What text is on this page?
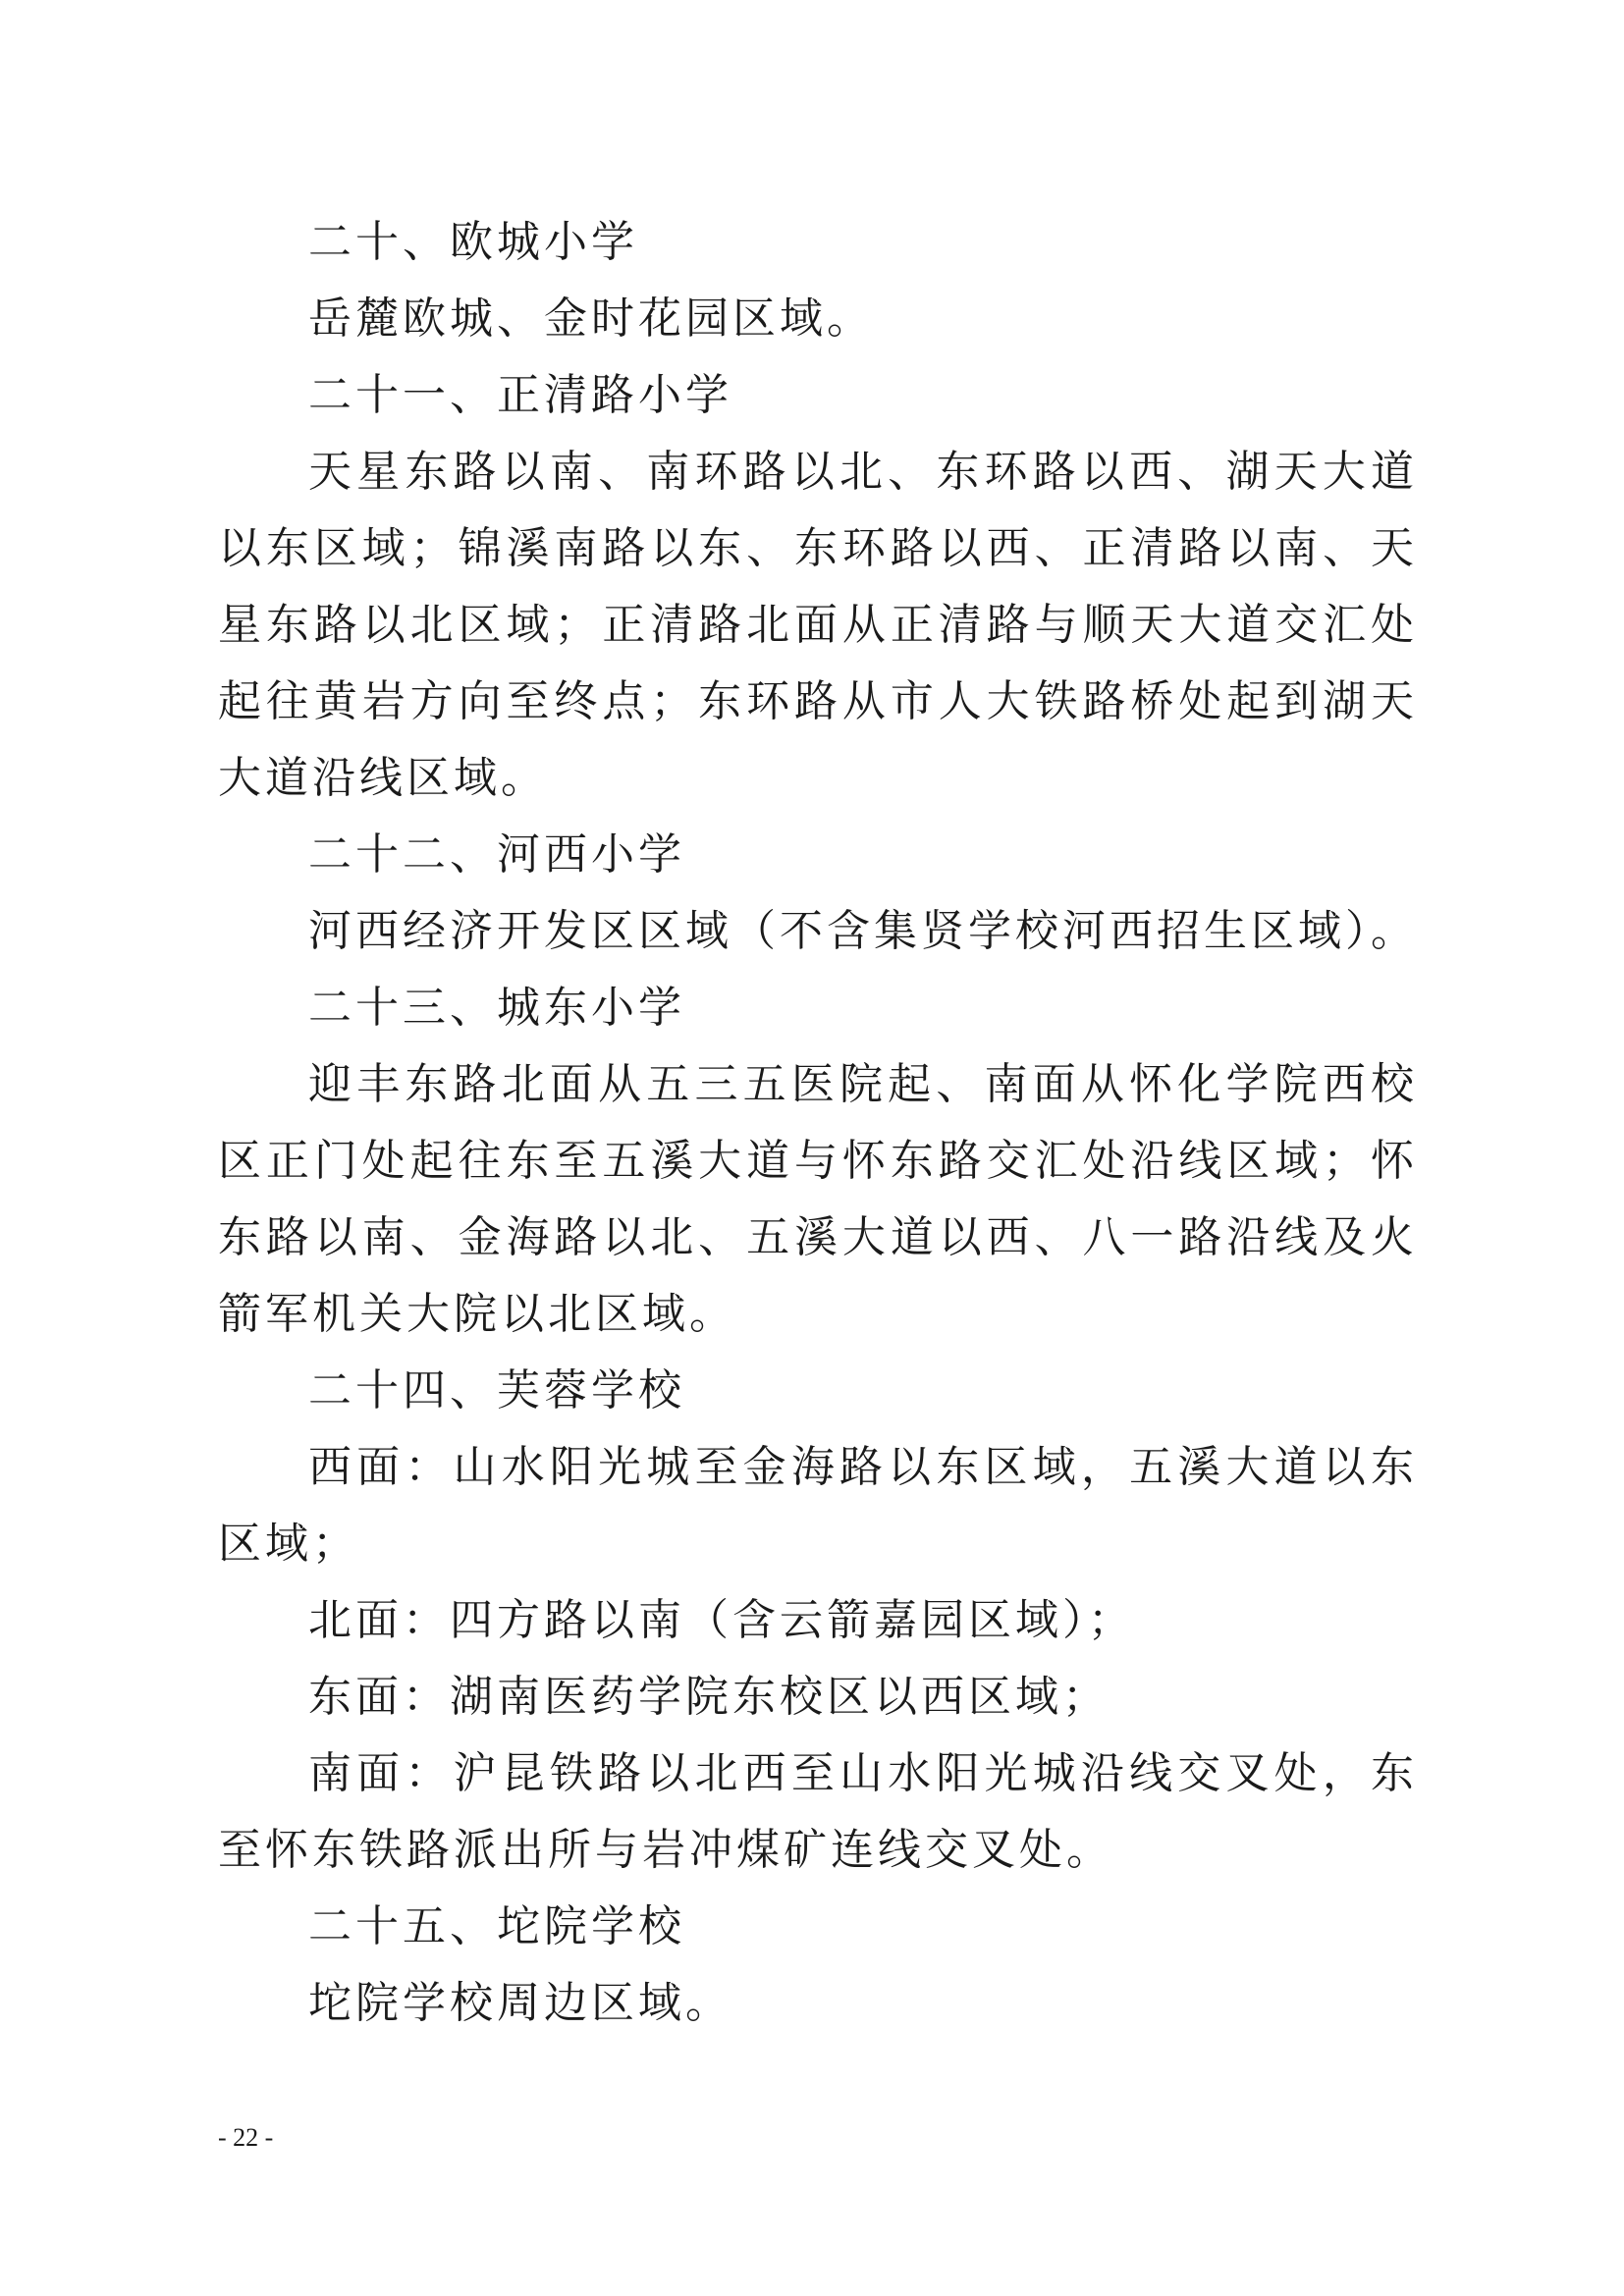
二十、欧城小学

岳麓欧城、金时花园区域。

二十一、正清路小学

天星东路以南、南环路以北、东环路以西、湖天大道以东区域；锦溪南路以东、东环路以西、正清路以南、天星东路以北区域；正清路北面从正清路与顺天大道交汇处起往黄岩方向至终点；东环路从市人大铁路桥处起到湖天大道沿线区域。

二十二、河西小学

河西经济开发区区域（不含集贤学校河西招生区域）。

二十三、城东小学

迎丰东路北面从五三五医院起、南面从怀化学院西校区正门处起往东至五溪大道与怀东路交汇处沿线区域；怀东路以南、金海路以北、五溪大道以西、八一路沿线及火箭军机关大院以北区域。

二十四、芙蓉学校

西面：山水阳光城至金海路以东区域，五溪大道以东区域；

北面：四方路以南（含云箭嘉园区域）；

东面：湖南医药学院东校区以西区域；

南面：沪昆铁路以北西至山水阳光城沿线交叉处，东至怀东铁路派出所与岩冲煤矿连线交叉处。

二十五、坨院学校

坨院学校周边区域。

- 22 -
